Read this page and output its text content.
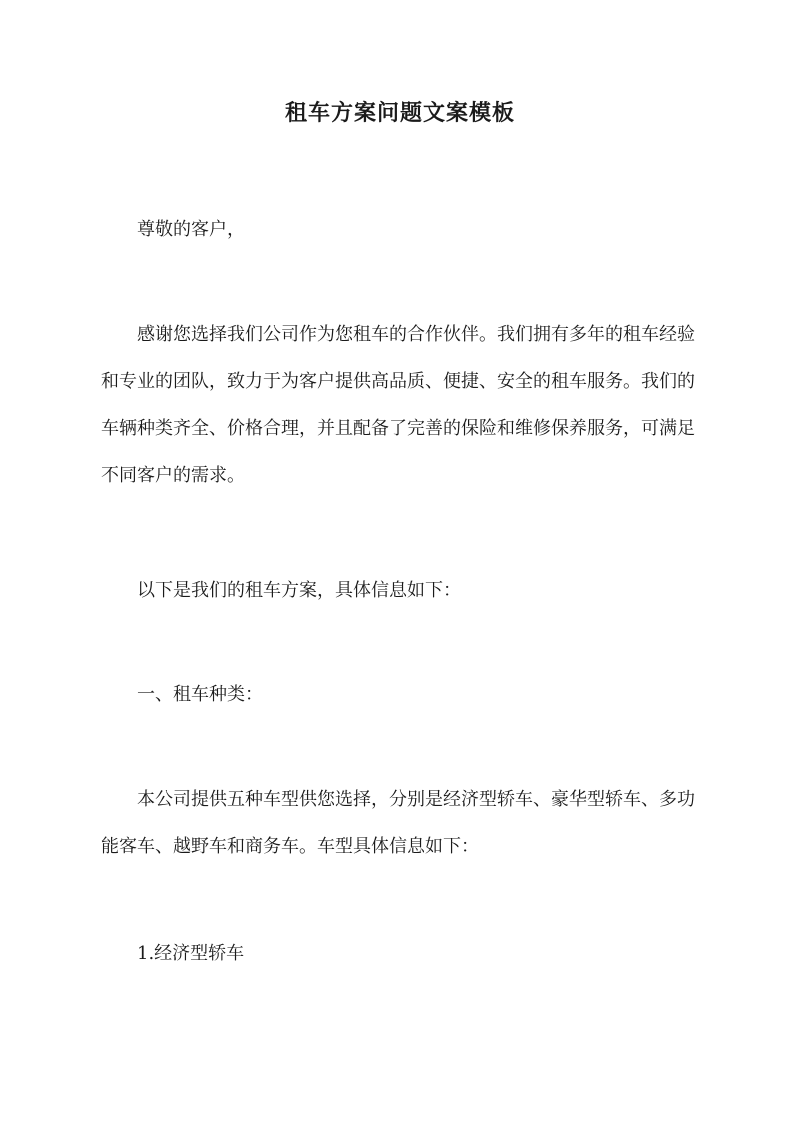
租车方案问题文案模板

尊敬的客户，

感谢您选择我们公司作为您租车的合作伙伴。我们拥有多年的租车经验和专业的团队，致力于为客户提供高品质、便捷、安全的租车服务。我们的车辆种类齐全、价格合理，并且配备了完善的保险和维修保养服务，可满足不同客户的需求。

以下是我们的租车方案，具体信息如下：

一、租车种类：

本公司提供五种车型供您选择，分别是经济型轿车、豪华型轿车、多功能客车、越野车和商务车。车型具体信息如下：

1.经济型轿车
